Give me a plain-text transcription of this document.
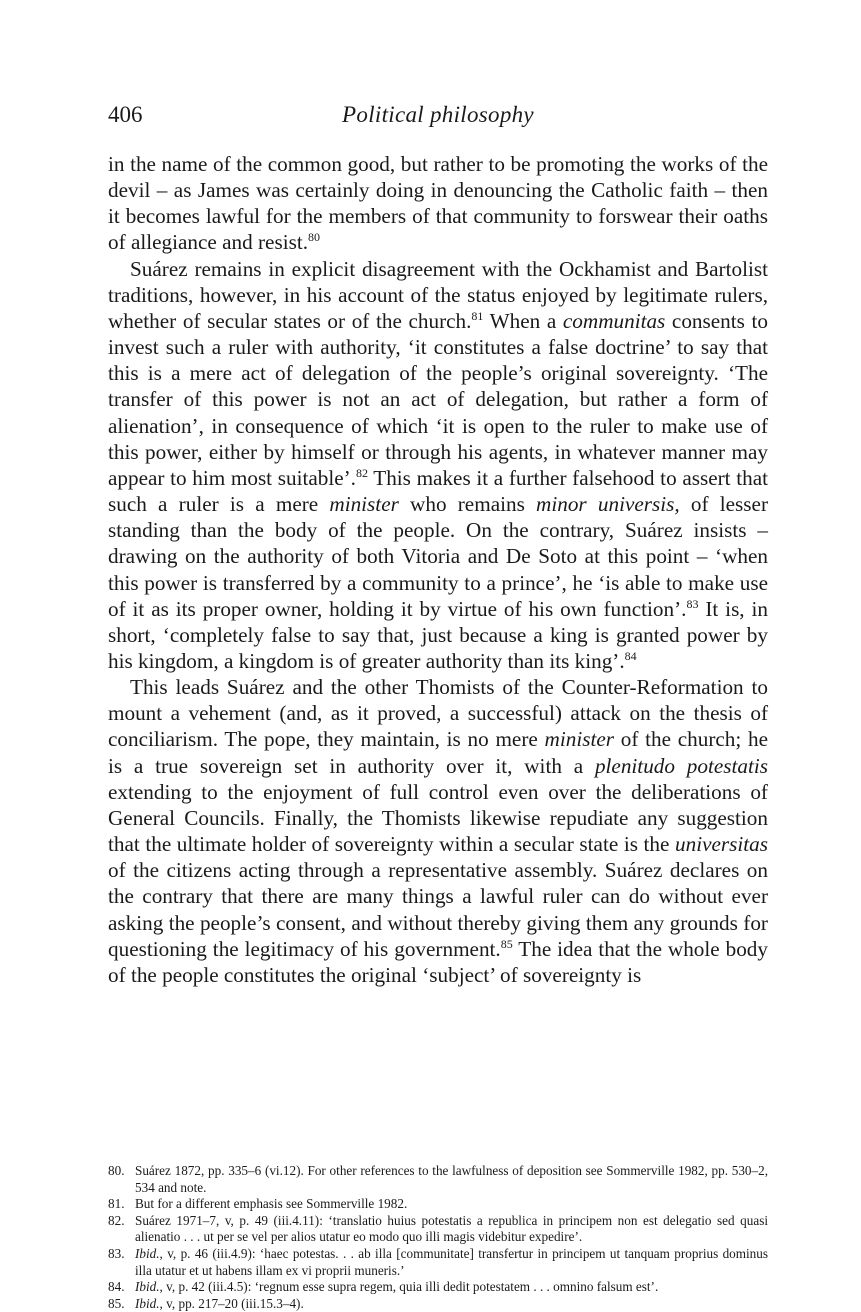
406	Political philosophy

in the name of the common good, but rather to be promoting the works of the devil – as James was certainly doing in denouncing the Catholic faith – then it becomes lawful for the members of that community to forswear their oaths of allegiance and resist.$^{80}$

Suárez remains in explicit disagreement with the Ockhamist and Bartolist traditions, however, in his account of the status enjoyed by legitimate rulers, whether of secular states or of the church.$^{81}$ When a communitas consents to invest such a ruler with authority, ‘it constitutes a false doctrine’ to say that this is a mere act of delegation of the people’s original sovereignty. ‘The transfer of this power is not an act of delegation, but rather a form of alienation’, in consequence of which ‘it is open to the ruler to make use of this power, either by himself or through his agents, in whatever manner may appear to him most suitable’.$^{82}$ This makes it a further falsehood to assert that such a ruler is a mere minister who remains minor universis, of lesser standing than the body of the people. On the contrary, Suárez insists – drawing on the authority of both Vitoria and De Soto at this point – ‘when this power is transferred by a community to a prince’, he ‘is able to make use of it as its proper owner, holding it by virtue of his own function’.$^{83}$ It is, in short, ‘completely false to say that, just because a king is granted power by his kingdom, a kingdom is of greater authority than its king’.$^{84}$

This leads Suárez and the other Thomists of the Counter-Reformation to mount a vehement (and, as it proved, a successful) attack on the thesis of conciliarism. The pope, they maintain, is no mere minister of the church; he is a true sovereign set in authority over it, with a plenitudo potestatis extending to the enjoyment of full control even over the deliberations of General Councils. Finally, the Thomists likewise repudiate any suggestion that the ultimate holder of sovereignty within a secular state is the universitas of the citizens acting through a representative assembly. Suárez declares on the contrary that there are many things a lawful ruler can do without ever asking the people’s consent, and without thereby giving them any grounds for questioning the legitimacy of his government.$^{85}$ The idea that the whole body of the people constitutes the original ‘subject’ of sovereignty is

80. Suárez 1872, pp. 335–6 (vi.12). For other references to the lawfulness of deposition see Sommerville 1982, pp. 530–2, 534 and note.
81. But for a different emphasis see Sommerville 1982.
82. Suárez 1971–7, v, p. 49 (iii.4.11): ‘translatio huius potestatis a republica in principem non est delegatio sed quasi alienatio . . . ut per se vel per alios utatur eo modo quo illi magis videbitur expedire’.
83. Ibid., v, p. 46 (iii.4.9): ‘haec potestas. . . ab illa [communitate] transfertur in principem ut tanquam proprius dominus illa utatur et ut habens illam ex vi proprii muneris.’
84. Ibid., v, p. 42 (iii.4.5): ‘regnum esse supra regem, quia illi dedit potestatem . . . omnino falsum est’.
85. Ibid., v, pp. 217–20 (iii.15.3–4).
